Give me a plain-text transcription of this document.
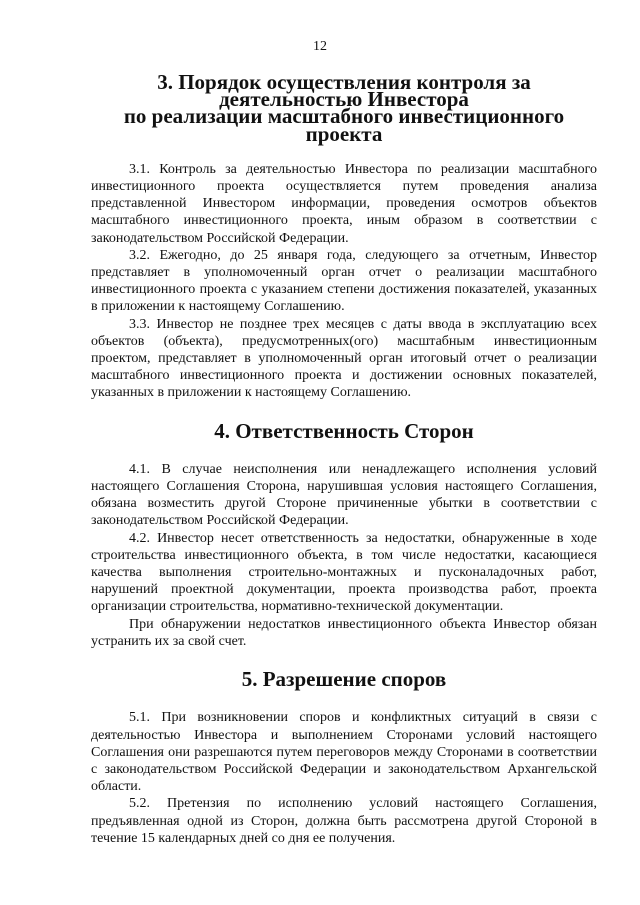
12
3. Порядок осуществления контроля за деятельностью Инвестора
по реализации масштабного инвестиционного проекта

3.1. Контроль за деятельностью Инвестора по реализации масштабного инвестиционного проекта осуществляется путем проведения анализа представленной Инвестором информации, проведения осмотров объектов масштабного инвестиционного проекта, иным образом в соответствии с законодательством Российской Федерации.

3.2. Ежегодно, до 25 января года, следующего за отчетным, Инвестор представляет в уполномоченный орган отчет о реализации масштабного инвестиционного проекта с указанием степени достижения показателей, указанных в приложении к настоящему Соглашению.

3.3. Инвестор не позднее трех месяцев с даты ввода в эксплуатацию всех объектов (объекта), предусмотренных(ого) масштабным инвестиционным проектом, представляет в уполномоченный орган итоговый отчет о реализации масштабного инвестиционного проекта и достижении основных показателей, указанных в приложении к настоящему Соглашению.

4. Ответственность Сторон

4.1. В случае неисполнения или ненадлежащего исполнения условий настоящего Соглашения Сторона, нарушившая условия настоящего Соглашения, обязана возместить другой Стороне причиненные убытки в соответствии с законодательством Российской Федерации.

4.2. Инвестор несет ответственность за недостатки, обнаруженные в ходе строительства инвестиционного объекта, в том числе недостатки, касающиеся качества выполнения строительно-монтажных и пусконаладочных работ, нарушений проектной документации, проекта производства работ, проекта организации строительства, нормативно-технической документации.

При обнаружении недостатков инвестиционного объекта Инвестор обязан устранить их за свой счет.

5. Разрешение споров

5.1. При возникновении споров и конфликтных ситуаций в связи с деятельностью Инвестора и выполнением Сторонами условий настоящего Соглашения они разрешаются путем переговоров между Сторонами в соответствии с законодательством Российской Федерации и законодательством Архангельской области.

5.2. Претензия по исполнению условий настоящего Соглашения, предъявленная одной из Сторон, должна быть рассмотрена другой Стороной в течение 15 календарных дней со дня ее получения.
